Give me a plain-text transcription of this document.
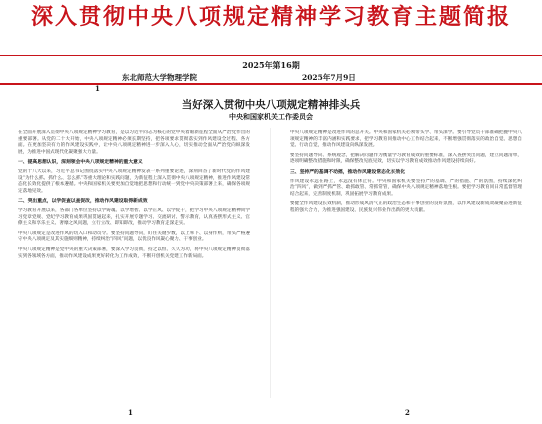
深入贯彻中央八项规定精神学习教育主题简报
2025年第16期
东北师范大学物理学院	2025年7月9日
1
当好深入贯彻中央八项规定精神排头兵
中央和国家机关工作委员会
在全面开展深入贯彻中央八项规定精神学习教育，是以习近平同志为核心的党中央着眼新征程全面从严治党作出的重要部署。从党的二十大开始，中央八项规定精神必须长期坚持，把各项要求贯彻落实到作风建设全过程、各方面。在更加坚决有力的作风建设实践中，让中央八项规定精神进一步深入人心，切实推动全面从严治党向纵深发展，为推进中国式现代化凝聚强大力量。
一、提高思想认识，深刻领会中央八项规定精神的重大意义
党的十八大以来，习近平总书记围绕落实中央八项规定精神发表一系列重要论述，深刻回答了新时代党的作风建设“为什么抓、抓什么、怎么抓”等重大理论和实践问题，为新征程上深入贯彻中央八项规定精神，推进作风建设常态化长效化提供了根本遵循。中央和国家机关要更加自觉地把思想和行动统一到党中央决策部署上来，确保各项规定落地见效。
二、突出重点，以学促查以查促改，推动作风建设取得新成效
学习教育开展以来，各部门各单位坚持以学铸魂、以学增智、以学正风、以学促干，把学习中央八项规定精神同学习党章党规、党纪学习教育成果巩固贯通起来，扎实开展专题学习、交流研讨、警示教育，认真查摆形式主义、官僚主义和享乐主义、奢靡之风问题，立行立改、即知即改，推动学习教育走深走实。
中央八项规定是改进作风的切入口和动员令。要坚持问题导向，盯住关键少数，以上率下、以身作则，带头严格遵守中央八项规定及其实施细则精神，持续纠治“四风”问题，以优良作风凝心聚力、干事创业。
中央八项规定精神是党中央的重大决策部署，要深入学习贯彻，持之以恒、久久为功，将中央八项规定精神贯彻落实到各领域各方面，推动作风建设成果更好转化为工作成效，不断开创机关党建工作新局面。
中央八项规定精神是改进作风的总开关。中央和国家机关必须带头学、带头深学。要引导党员干部准确把握中央八项规定精神的丰富内涵和实践要求，把学习教育同推动中心工作结合起来，不断增强贯彻落实的政治自觉、思想自觉、行动自觉，推动作风建设向纵深发展。
要坚持问题导向、系统观念，把解决问题作为衡量学习教育成效的重要标准，深入查摆突出问题，建立问题清单，逐项明确整改措施和时限，确保整改见底见效，切实以学习教育成效推动作风建设持续向好。
三、坚持严的基调不动摇，推动作风建设常态化长效化
作风建设永远在路上，永远没有休止符。中央和国家机关要坚持严的基调、严的措施、严的氛围，持续深化纠治“四风”，做到严抓严管、敢抓敢管、常抓常管，确保中央八项规定精神落地生根。要把学习教育同日常监督管理结合起来，完善制度机制，巩固拓展学习教育成果。
要健全作风建设长效机制，推动形成风清气正的政治生态和干事创业的良好氛围，以作风建设新成效凝聚奋进新征程的强大合力，为推进强国建设、民族复兴伟业作出新的更大贡献。
1	2
